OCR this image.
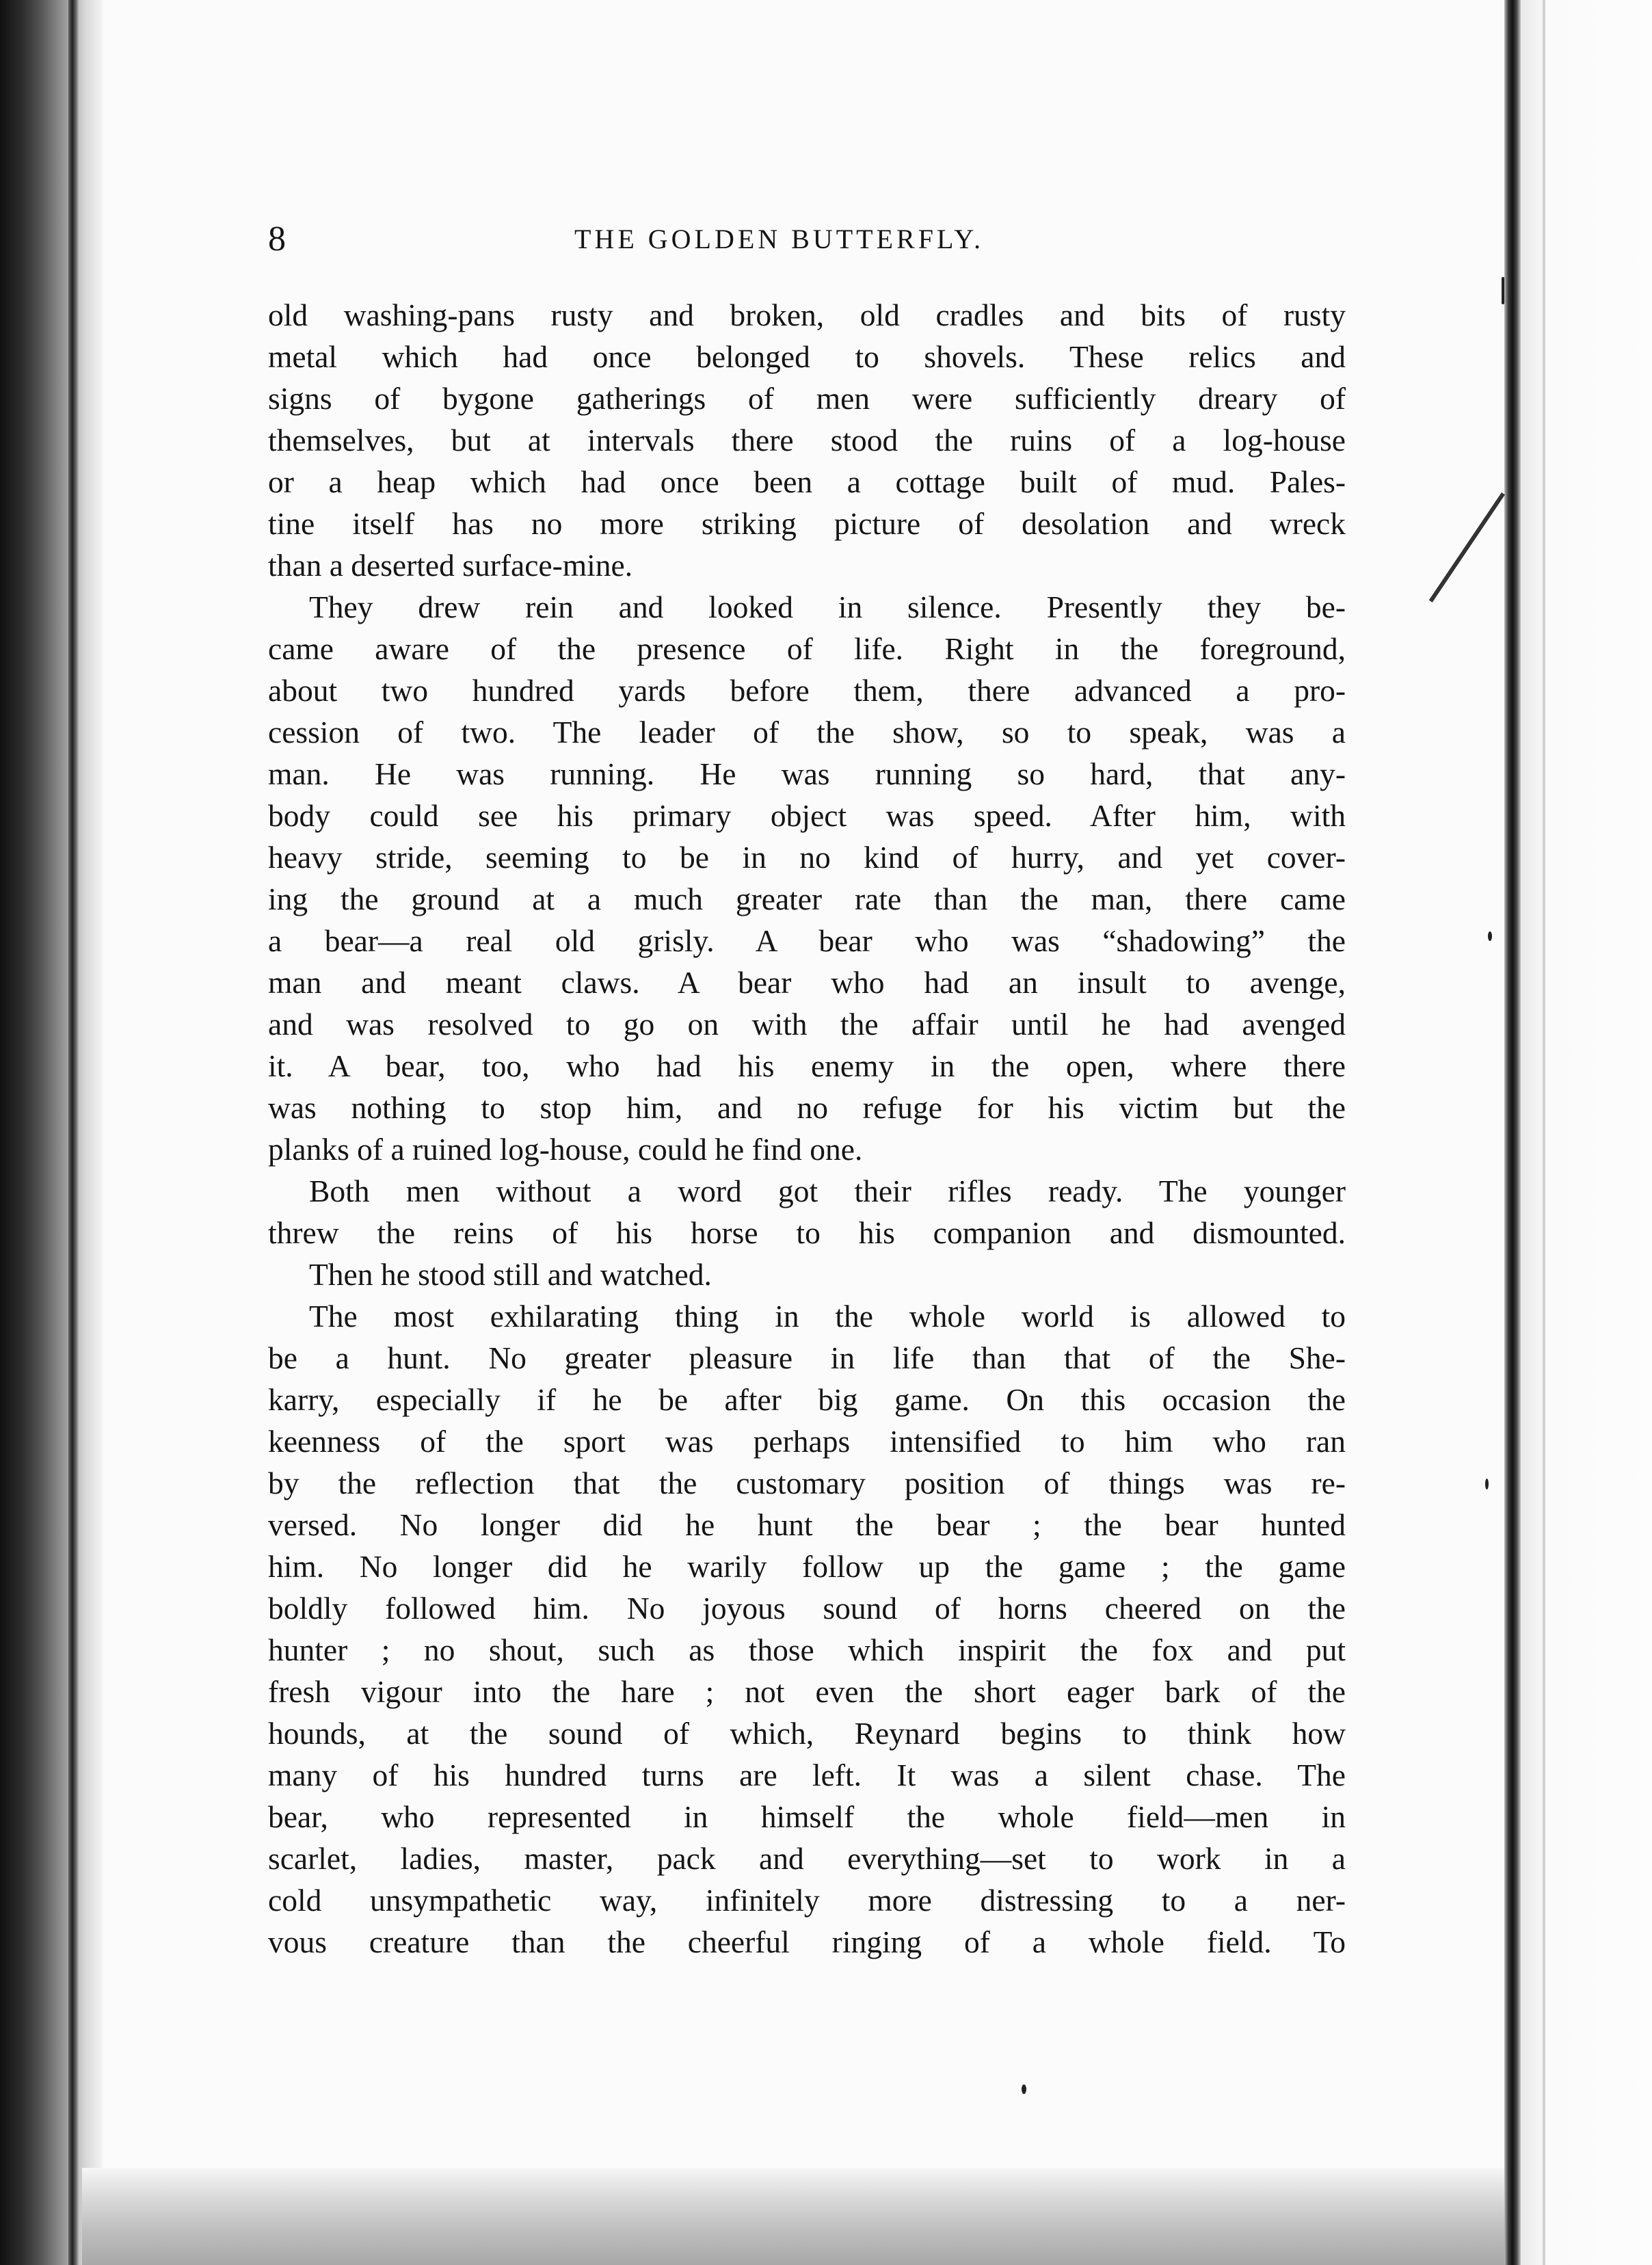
8	THE GOLDEN BUTTERFLY.
old washing-pans rusty and broken, old cradles and bits of rusty
metal which had once belonged to shovels. These relics and
signs of bygone gatherings of men were sufficiently dreary of
themselves, but at intervals there stood the ruins of a log-house
or a heap which had once been a cottage built of mud. Pales-
tine itself has no more striking picture of desolation and wreck
than a deserted surface-mine.
They drew rein and looked in silence. Presently they be-
came aware of the presence of life. Right in the foreground,
about two hundred yards before them, there advanced a pro-
cession of two. The leader of the show, so to speak, was a
man. He was running. He was running so hard, that any-
body could see his primary object was speed. After him, with
heavy stride, seeming to be in no kind of hurry, and yet cover-
ing the ground at a much greater rate than the man, there came
a bear—a real old grisly. A bear who was “shadowing” the
man and meant claws. A bear who had an insult to avenge,
and was resolved to go on with the affair until he had avenged
it. A bear, too, who had his enemy in the open, where there
was nothing to stop him, and no refuge for his victim but the
planks of a ruined log-house, could he find one.
Both men without a word got their rifles ready. The younger
threw the reins of his horse to his companion and dismounted.
Then he stood still and watched.
The most exhilarating thing in the whole world is allowed to
be a hunt. No greater pleasure in life than that of the She-
karry, especially if he be after big game. On this occasion the
keenness of the sport was perhaps intensified to him who ran
by the reflection that the customary position of things was re-
versed. No longer did he hunt the bear ; the bear hunted
him. No longer did he warily follow up the game ; the game
boldly followed him. No joyous sound of horns cheered on the
hunter ; no shout, such as those which inspirit the fox and put
fresh vigour into the hare ; not even the short eager bark of the
hounds, at the sound of which, Reynard begins to think how
many of his hundred turns are left. It was a silent chase. The
bear, who represented in himself the whole field—men in
scarlet, ladies, master, pack and everything—set to work in a
cold unsympathetic way, infinitely more distressing to a ner-
vous creature than the cheerful ringing of a whole field. To
